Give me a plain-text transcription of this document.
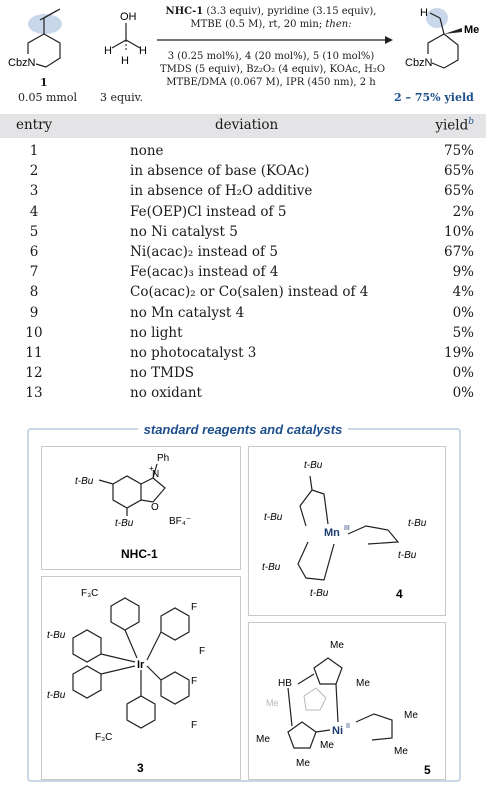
CbzN
OH
H H
H
H
Me
CbzN
NHC-1 (3.3 equiv), pyridine (3.15 equiv),
MTBE (0.5 M), rt, 20 min; then:
3 (0.25 mol%), 4 (20 mol%), 5 (10 mol%)
TMDS (5 equiv), Bz₂O₂ (4 equiv), KOAc, H₂O
MTBE/DMA (0.067 M), IPR (450 nm), 2 h
1
0.05 mmol 3 equiv.	2 – 75% yield
entry	deviation	yield$^b$
1	none	75%
2	in absence of base (KOAc)	65%
3	in absence of H₂O additive	65%
4	Fe(OEP)Cl instead of 5	2%
5	no Ni catalyst 5	10%
6	Ni(acac)₂ instead of 5	67%
7	Fe(acac)₃ instead of 4	9%
8	Co(acac)₂ or Co(salen) instead of 4	4%
9	no Mn catalyst 4	0%
10	no light	5%
11	no photocatalyst 3	19%
12	no TMDS	0%
13	no oxidant	0%
standard reagents and catalysts
N
+
Ph
O
t-Bu
t-Bu	BF₄⁻
NHC-1
Mn III
t-Bu
t-Bu
t-Bu
t-Bu
t-Bu
t-Bu	4
Ir
F₃C
F
F
t-Bu
t-Bu
F
F
F₃C
3
Ni II
HB
Me
Me
Me
Me
Me
Me
Me
Me
5
